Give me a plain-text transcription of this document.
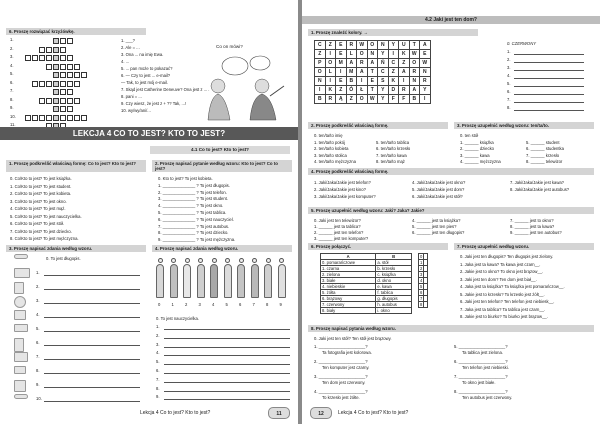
6. Proszę rozwiązać krzyżówkę.
1.
2.
3.
4.
5.
6.
7.
8.
9.
10.
11.
1. ___?
2. Ale = ...
3. Ona ... na imię Ewa.
4. ...
5. ... pan może to pokazać?
6. — Czy to jest ... e-mail?
— Tak, to jest mój e-mail.
7. Skąd jest Catherine Deneuve? Ona jest z ... .
8. pani = ...
9. Czy wiesz, że jest z + ?? Tak, ...!
10. wy/wy/ani/...
Co on mówi?
LEKCJA 4 CO TO JEST? KTO TO JEST?
4.1 Co to jest? Kto to jest?
1. Proszę podkreślić właściwą formę: Co to jest? Kto to jest?
0. Co/Kto to jest? To jest książka.
1. Co/Kto to jest? To jest student.
2. Co/Kto to jest? To jest kobieta.
3. Co/Kto to jest? To jest okno.
4. Co/Kto to jest? To jest mąż.
5. Co/Kto to jest? To jest nauczycielka.
6. Co/Kto to jest? To jest stół.
7. Co/Kto to jest? To jest dziecko.
8. Co/Kto to jest? To jest mężczyzna.
2. Proszę napisać pytanie według wzoru: Kto to jest? Co to jest?
0. Kto to jest? To jest kobieta.
1. ______________ ? To jest długopis.
2. ______________ ? To jest telefon.
3. ______________ ? To jest student.
4. ______________ ? To jest okno.
5. ______________ ? To jest tablica.
6. ______________ ? To jest nauczyciel.
7. ______________ ? To jest autobus.
8. ______________ ? To jest dziecko.
9. ______________ ? To jest mężczyzna.
3. Proszę napisać zdania według wzoru.
0. To jest długopis.
1.
2.
3.
4.
5.
6.
7.
8.
9.
10.
4. Proszę napisać zdania według wzoru.
0	1	2	3	4	5	6	7	8	9
0. To jest nauczycielka.
1.
2.
3.
4.
5.
6.
7.
8.
9.
Lekcja 4 Co to jest? Kto to jest?	11
4.2 Jaki jest ten dom?
1. Proszę znaleźć kolory. →
C	Z	E	R	W	O	N	Y	U	T	A
Z	I	E	L	O	N	Y	I	K	W	E
P	O	M	A	R	A	Ń	C	Z	O	W
O	L	I	M	A	T	C	Z	A	R	N
N	I	E	B	I	E	S	K	I	N	R
I	K	Z	Ó	Ł	T	Y	D	R	A	Y
B	R	Ą	Z	O	W	Y	F	F	B	I
0. CZERWONY
1.
2.
3.
4.
5.
6.
7.
8.
2. Proszę podkreślić właściwą formę.
0. ten/ta/to imię
1. ten/ta/to pokój
2. ten/ta/to kobieta
3. ten/ta/to stolica
4. ten/ta/to mężczyzna
5. ten/ta/to tablica
6. ten/ta/to krzesło
7. ten/ta/to kawa
8. ten/ta/to mąż
3. Proszę uzupełnić według wzoru: ten/ta/to.
0. ten stół
1. ______ książka
2. ______ dziecko
3. ______ kawa
4. ______ mężczyzna
5. ______ student
6. ______ studentka
7. ______ krzesło
8. ______ telewizor
4. Proszę podkreślić właściwą formę.
1. Jaki/Jaka/Jakie jest telefon?
2. Jaki/Jaka/Jakie jest kino?
3. Jaki/Jaka/Jakie jest komputer?
4. Jaki/Jaka/Jakie jest okno?
5. Jaki/Jaka/Jakie jest dom?
6. Jaki/Jaka/Jakie jest stół?
7. Jaki/Jaka/Jakie jest kawa?
8. Jaki/Jaka/Jakie jest autobus?
5. Proszę uzupełnić według wzoru: Jaki? Jaka? Jakie?
0. Jaki jest ten telewizor?
1. ______ jest ta tablica?
2. ______ jest ten telefon?
3. ______ jest ten komputer?
4. ______ jest ta książka?
5. ______ jest ten pies?
6. ______ jest ten długopis?
7. ______ jest to okno?
8. ______ jest ta kawa?
9. ______ jest ten autobus?
6. Proszę połączyć.
A	B
0. pomarańczowe	a. stół
1. czarna	b. krzesło
2. zielona	c. książka
3. białe	d. okno
4. niebieskie	e. kawa
5. żółta	f. tablica
6. brązowy	g. długopis
7. czerwony	h. autobus
8. biały	i. okno
0	
1	
2	
3	
4	
5	
6	
7	
8	
7. Proszę uzupełnić według wzoru.
0. Jaki jest ten długopis? Ten długopis jest zielony.
1. Jaka jest ta kawa? Ta kawa jest czarn__.
2. Jakie jest to okno? To okno jest brązow__.
3. Jaki jest ten dom? Ten dom jest biał__.
4. Jaka jest ta książka? Ta książka jest pomarańczow__.
5. Jakie jest to krzesło? To krzesło jest żółt__.
6. Jaki jest ten telefon? Ten telefon jest niebiesk__.
7. Jaka jest ta tablica? Ta tablica jest czarn__.
8. Jakie jest to biurko? To biurko jest brązow__.
8. Proszę napisać pytania według wzoru.
0. Jaki jest ten stół? Ten stół jest brązowy.
1. ____________________?
Ta fotografia jest kolorowa.
2. ____________________?
Ten komputer jest czarny.
3. ____________________?
Ten dom jest czerwony.
4. ____________________?
To krzesło jest żółte.
5. ____________________?
Ta tablica jest zielona.
6. ____________________?
Ten telefon jest niebieski.
7. ____________________?
To okno jest białe.
8. ____________________?
Ten autobus jest czerwony.
12	Lekcja 4 Co to jest? Kto to jest?
